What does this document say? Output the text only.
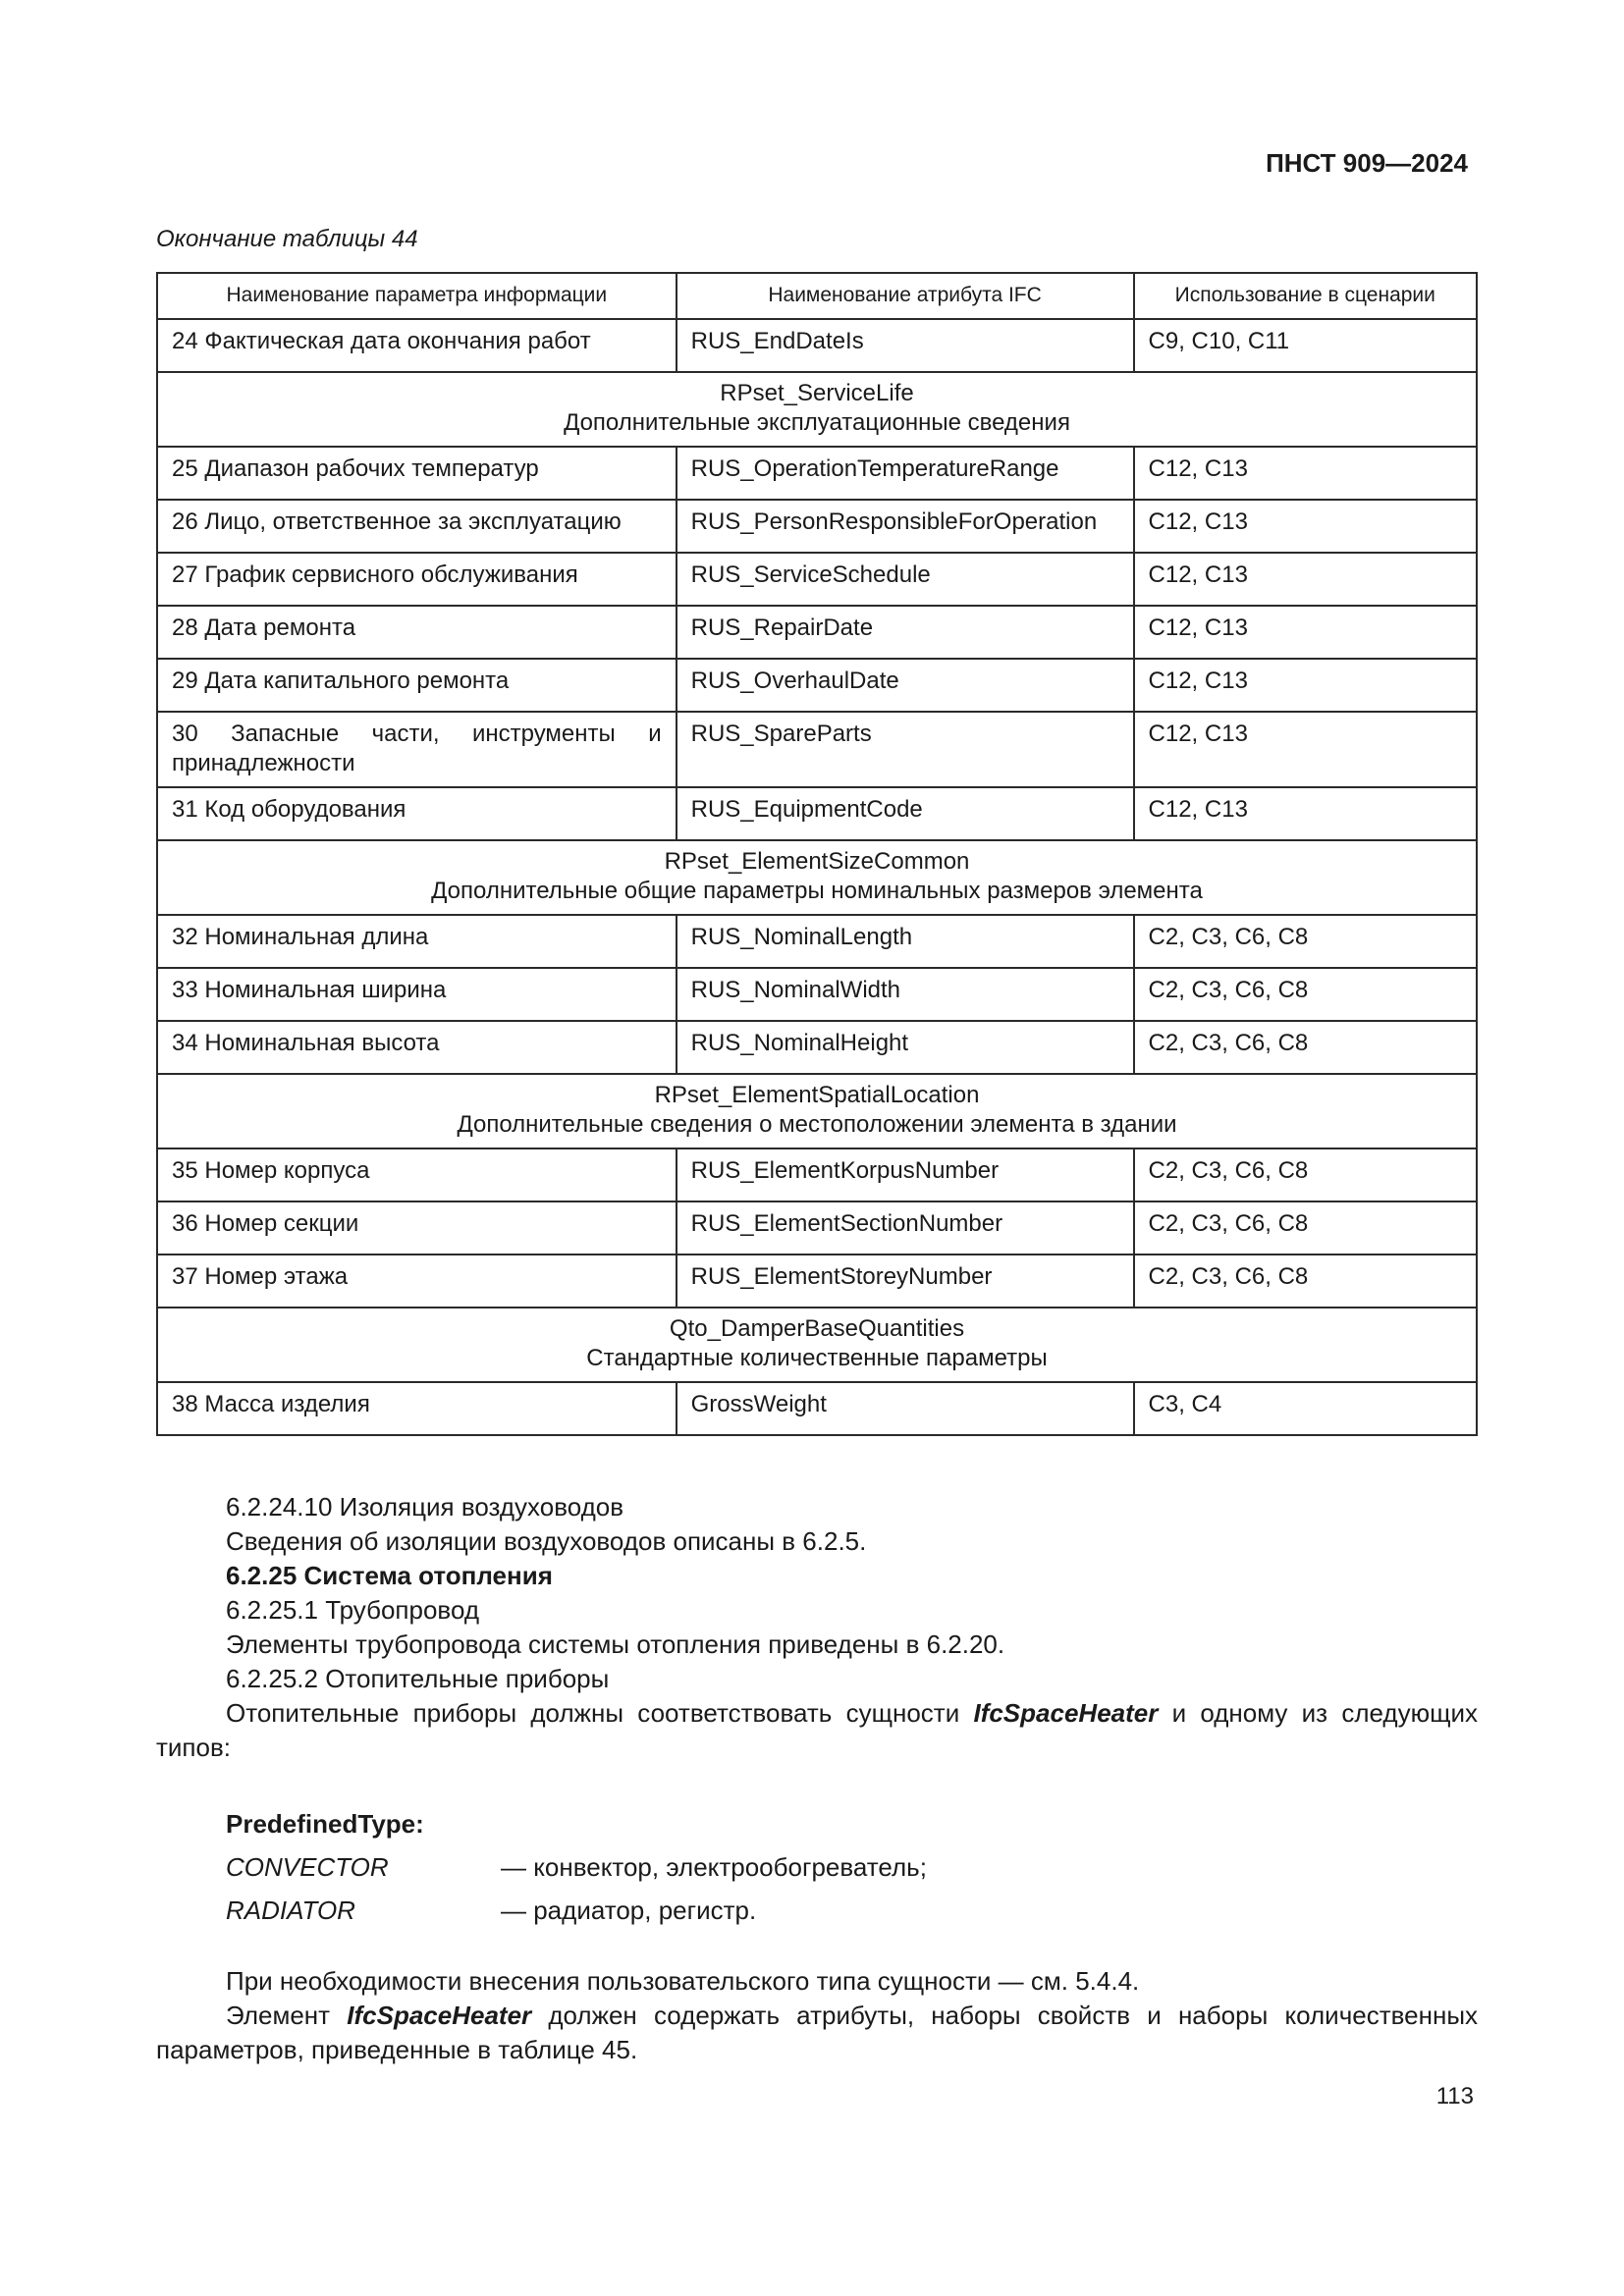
ПНСТ 909—2024
Окончание таблицы 44
Наименование параметра информации	Наименование атрибута IFC	Использование в сценарии
24 Фактическая дата окончания работ	RUS_EndDateIs	C9, C10, C11

RPset_ServiceLife
Дополнительные эксплуатационные сведения		

25 Диапазон рабочих температур	RUS_OperationTemperatureRange	C12, C13
26 Лицо, ответственное за эксплуатацию	RUS_PersonResponsibleForOperation	C12, C13
27 График сервисного обслуживания	RUS_ServiceSchedule	C12, C13
28 Дата ремонта	RUS_RepairDate	C12, C13
29 Дата капитального ремонта	RUS_OverhaulDate	C12, C13
30 Запасные части, инструменты и принадлежности	RUS_SpareParts	C12, C13
31 Код оборудования	RUS_EquipmentCode	C12, C13

RPset_ElementSizeCommon
Дополнительные общие параметры номинальных размеров элемента		

32 Номинальная длина	RUS_NominalLength	C2, C3, C6, C8
33 Номинальная ширина	RUS_NominalWidth	C2, C3, C6, C8
34 Номинальная высота	RUS_NominalHeight	C2, C3, C6, C8

RPset_ElementSpatialLocation
Дополнительные сведения о местоположении элемента в здании		

35 Номер корпуса	RUS_ElementKorpusNumber	C2, C3, C6, C8
36 Номер секции	RUS_ElementSectionNumber	C2, C3, C6, C8
37 Номер этажа	RUS_ElementStoreyNumber	C2, C3, C6, C8

Qto_DamperBaseQuantities
Стандартные количественные параметры		

38 Масса изделия	GrossWeight	C3, C4

6.2.24.10 Изоляция воздуховодов

Сведения об изоляции воздуховодов описаны в 6.2.5.

6.2.25 Система отопления

6.2.25.1 Трубопровод

Элементы трубопровода системы отопления приведены в 6.2.20.

6.2.25.2 Отопительные приборы

Отопительные приборы должны соответствовать сущности IfcSpaceHeater и одному из следующих типов:

PredefinedType:
CONVECTOR	— конвектор, электрообогреватель;
RADIATOR	— радиатор, регистр.

При необходимости внесения пользовательского типа сущности — см. 5.4.4.

Элемент IfcSpaceHeater должен содержать атрибуты, наборы свойств и наборы количественных параметров, приведенные в таблице 45.

113
